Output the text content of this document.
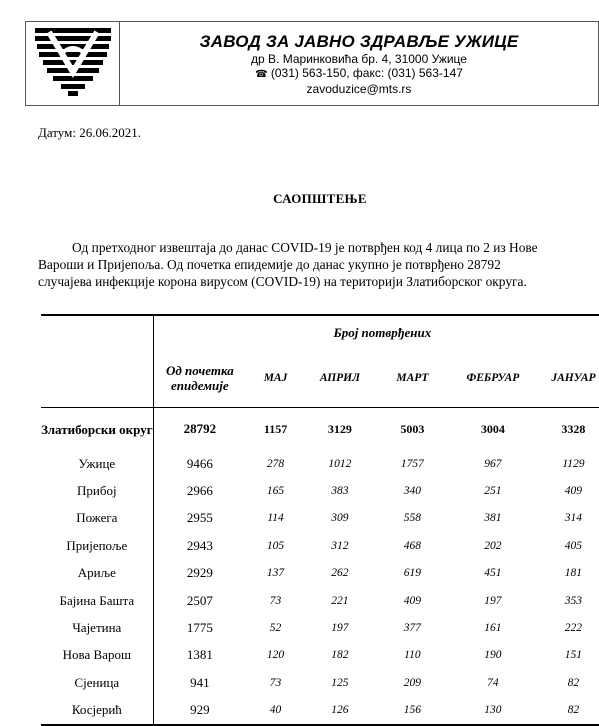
ЗАВОД ЗА ЈАВНО ЗДРАВЉЕ УЖИЦЕ
др В. Маринковића бр. 4, 31000 Ужице
☎ (031) 563-150, факс: (031) 563-147
zavoduzice@mts.rs
Датум: 26.06.2021.
САОПШТЕЊЕ
Од претходног извештаја до данас COVID-19 је потврђен код 4 лица по 2 из Нове
Вароши и Пријепоља. Од почетка епидемије до данас укупно је потврђено 28792
случајева инфекције корона вирусом (COVID-19) на територији Златиборског округа.
	Број потврђених					
	Од почетка епидемије	МАЈ	АПРИЛ	МАРТ	ФЕБРУАР	ЈАНУАР
Златиборски округ	28792	1157	3129	5003	3004	3328
Ужице	9466	278	1012	1757	967	1129
Прибој	2966	165	383	340	251	409
Пожега	2955	114	309	558	381	314
Пријепоље	2943	105	312	468	202	405
Ариље	2929	137	262	619	451	181
Бајина Башта	2507	73	221	409	197	353
Чајетина	1775	52	197	377	161	222
Нова Варош	1381	120	182	110	190	151
Сјеница	941	73	125	209	74	82
Косјерић	929	40	126	156	130	82
